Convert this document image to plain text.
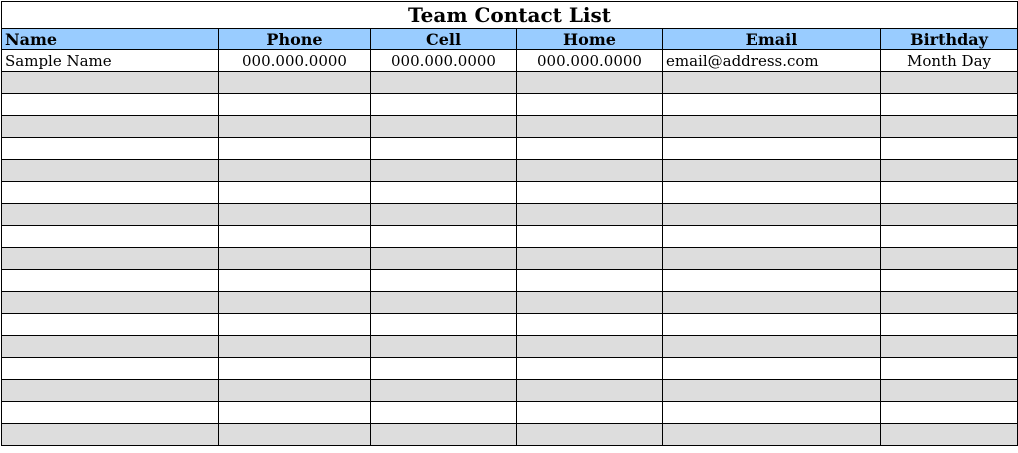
Team Contact List					
Name	Phone	Cell	Home	Email	Birthday
Sample Name	000.000.0000	000.000.0000	000.000.0000	email@address.com	Month Day
